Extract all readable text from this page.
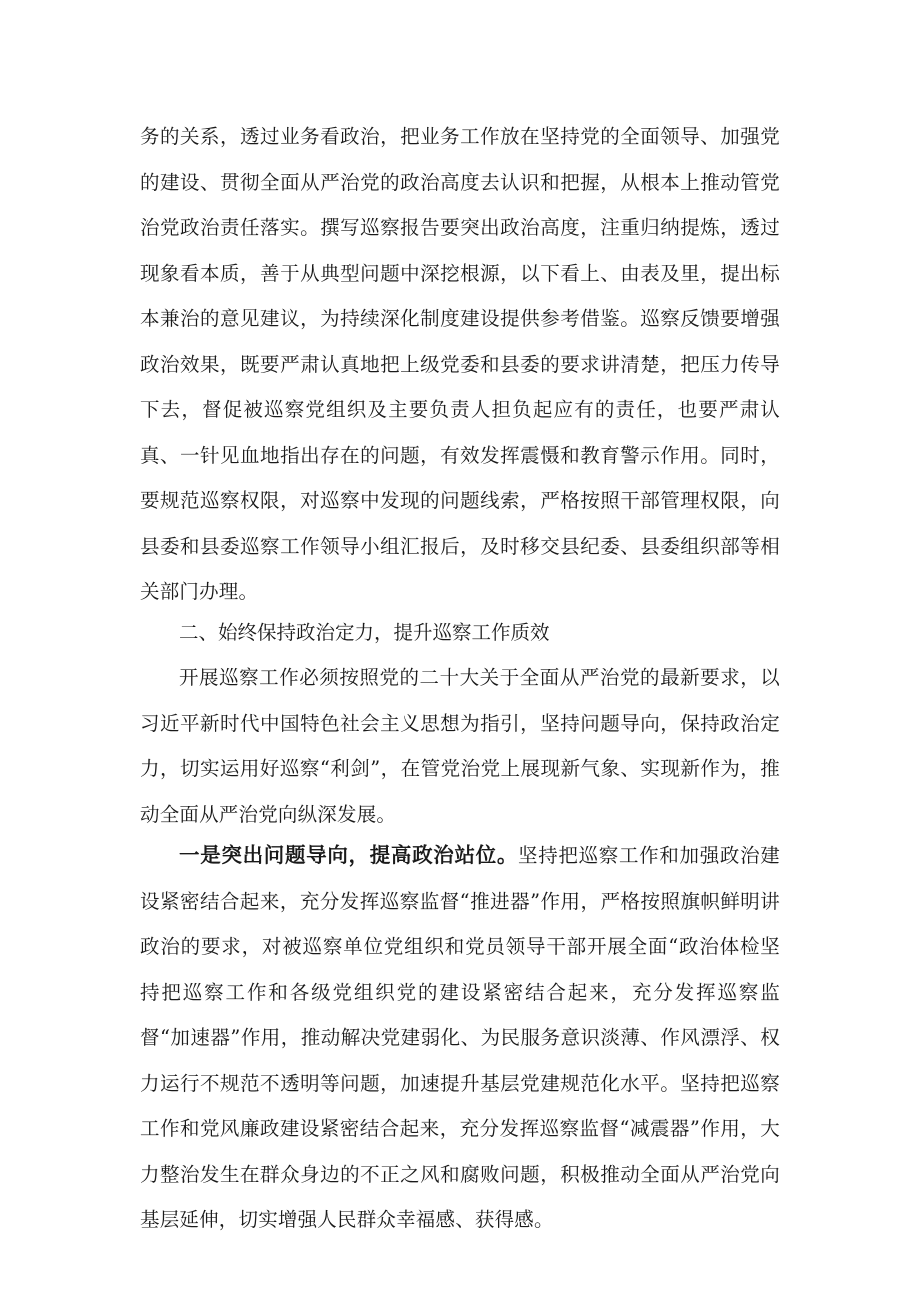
务的关系，透过业务看政治，把业务工作放在坚持党的全面领导、加强党的建设、贯彻全面从严治党的政治高度去认识和把握，从根本上推动管党治党政治责任落实。撰写巡察报告要突出政治高度，注重归纳提炼，透过现象看本质，善于从典型问题中深挖根源，以下看上、由表及里，提出标本兼治的意见建议，为持续深化制度建设提供参考借鉴。巡察反馈要增强政治效果，既要严肃认真地把上级党委和县委的要求讲清楚，把压力传导下去，督促被巡察党组织及主要负责人担负起应有的责任，也要严肃认真、一针见血地指出存在的问题，有效发挥震慑和教育警示作用。同时，要规范巡察权限，对巡察中发现的问题线索，严格按照干部管理权限，向县委和县委巡察工作领导小组汇报后，及时移交县纪委、县委组织部等相关部门办理。

二、始终保持政治定力，提升巡察工作质效

开展巡察工作必须按照党的二十大关于全面从严治党的最新要求，以习近平新时代中国特色社会主义思想为指引，坚持问题导向，保持政治定力，切实运用好巡察“利剑”，在管党治党上展现新气象、实现新作为，推动全面从严治党向纵深发展。

一是突出问题导向，提高政治站位。坚持把巡察工作和加强政治建设紧密结合起来，充分发挥巡察监督“推进器”作用，严格按照旗帜鲜明讲政治的要求，对被巡察单位党组织和党员领导干部开展全面“政治体检坚持把巡察工作和各级党组织党的建设紧密结合起来，充分发挥巡察监督“加速器”作用，推动解决党建弱化、为民服务意识淡薄、作风漂浮、权力运行不规范不透明等问题，加速提升基层党建规范化水平。坚持把巡察工作和党风廉政建设紧密结合起来，充分发挥巡察监督“减震器”作用，大力整治发生在群众身边的不正之风和腐败问题，积极推动全面从严治党向基层延伸，切实增强人民群众幸福感、获得感。
